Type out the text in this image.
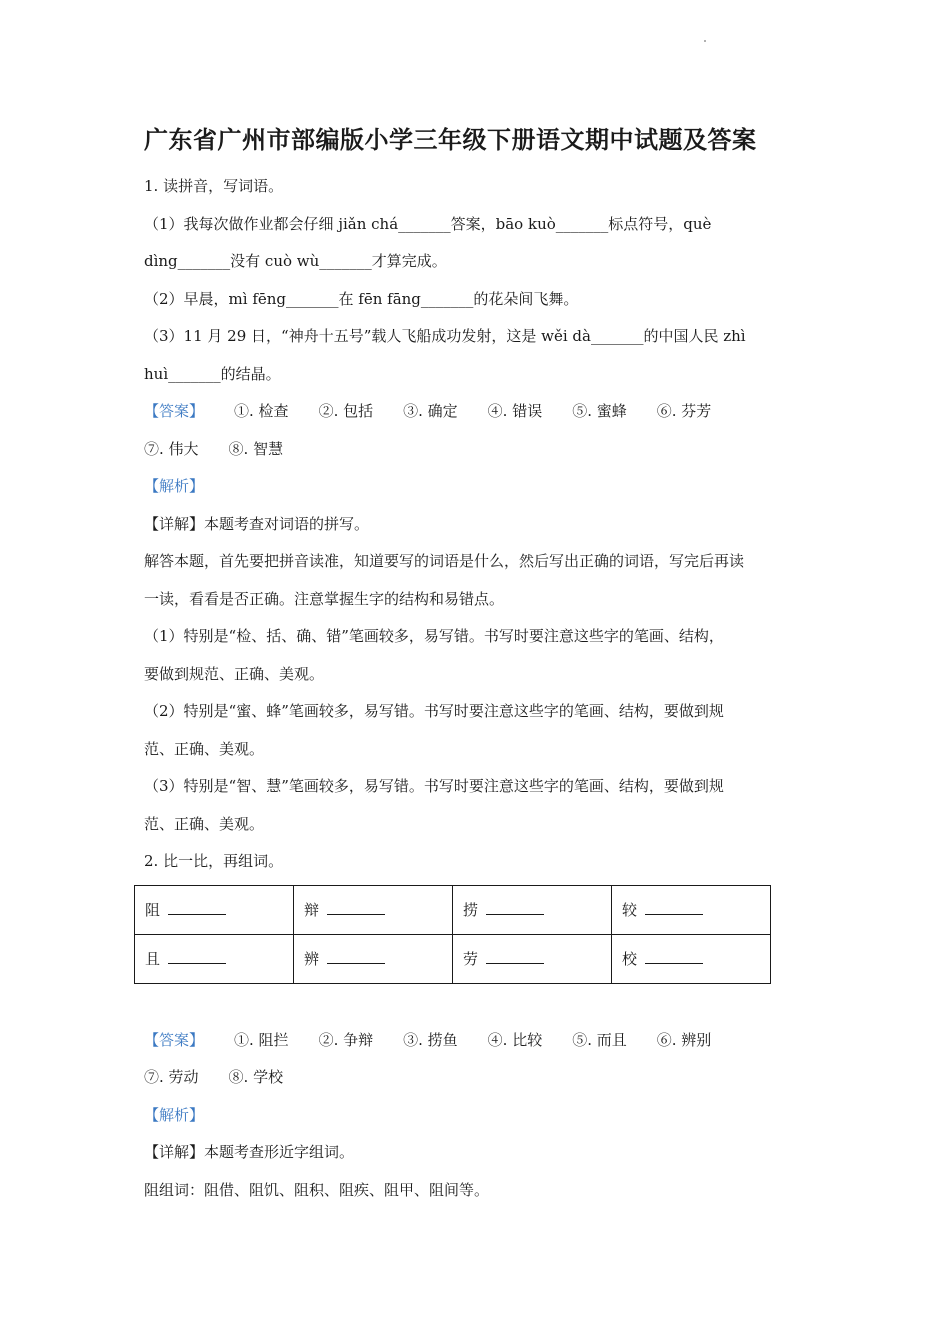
广东省广州市部编版小学三年级下册语文期中试题及答案

1. 读拼音，写词语。

（1）我每次做作业都会仔细 jiǎn chá_______答案，bāo kuò_______标点符号，què

dìng_______没有 cuò wù_______才算完成。

（2）早晨，mì fēng_______在 fēn fāng_______的花朵间飞舞。

（3）11 月 29 日，“神舟十五号”载人飞船成功发射，这是 wěi dà_______的中国人民 zhì

huì_______的结晶。

【答案】 ①. 检查 ②. 包括 ③. 确定 ④. 错误 ⑤. 蜜蜂 ⑥. 芬芳

⑦. 伟大 ⑧. 智慧

【解析】

【详解】本题考查对词语的拼写。

解答本题，首先要把拼音读准，知道要写的词语是什么，然后写出正确的词语，写完后再读

一读，看看是否正确。注意掌握生字的结构和易错点。

（1）特别是“检、括、确、错”笔画较多，易写错。书写时要注意这些字的笔画、结构，

要做到规范、正确、美观。

（2）特别是“蜜、蜂”笔画较多，易写错。书写时要注意这些字的笔画、结构，要做到规

范、正确、美观。

（3）特别是“智、慧”笔画较多，易写错。书写时要注意这些字的笔画、结构，要做到规

范、正确、美观。

2. 比一比，再组词。

阻	辩	捞	较
且	辨	劳	校

【答案】 ①. 阻拦 ②. 争辩 ③. 捞鱼 ④. 比较 ⑤. 而且 ⑥. 辨别

⑦. 劳动 ⑧. 学校

【解析】

【详解】本题考查形近字组词。

阻组词：阻借、阻饥、阻积、阻疾、阻甲、阻间等。
